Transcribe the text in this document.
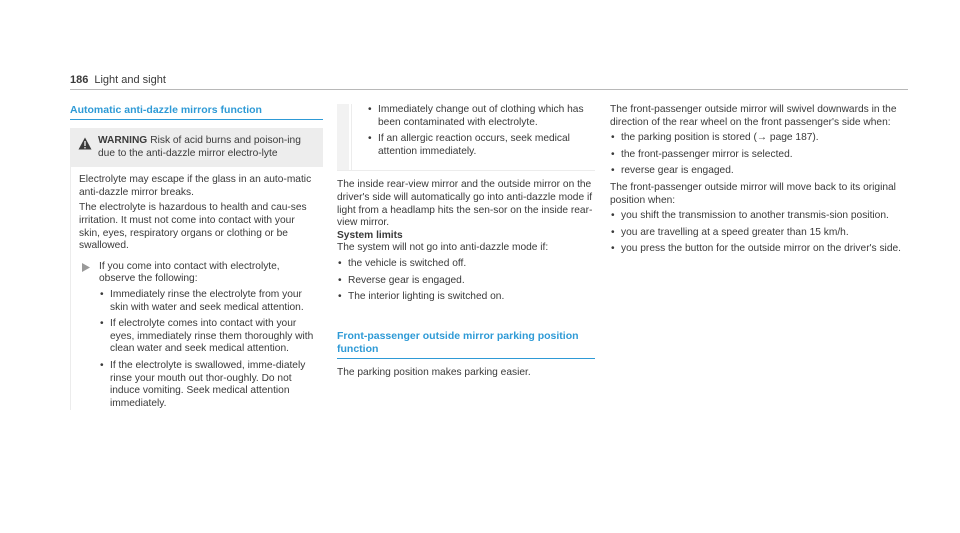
186 Light and sight
Automatic anti-dazzle mirrors function
WARNING Risk of acid burns and poison-ing due to the anti-dazzle mirror electro-lyte

Electrolyte may escape if the glass in an auto-matic anti-dazzle mirror breaks.

The electrolyte is hazardous to health and cau-ses irritation. It must not come into contact with your skin, eyes, respiratory organs or clothing or be swallowed.

If you come into contact with electrolyte, observe the following:
• Immediately rinse the electrolyte from your skin with water and seek medical attention.
• If electrolyte comes into contact with your eyes, immediately rinse them thoroughly with clean water and seek medical attention.
• If the electrolyte is swallowed, imme-diately rinse your mouth out thor-oughly. Do not induce vomiting. Seek medical attention immediately.
• Immediately change out of clothing which has been contaminated with electrolyte.
• If an allergic reaction occurs, seek medical attention immediately.

The inside rear-view mirror and the outside mirror on the driver's side will automatically go into anti-dazzle mode if light from a headlamp hits the sen-sor on the inside rear-view mirror.

System limits

The system will not go into anti-dazzle mode if:

• the vehicle is switched off.
• Reverse gear is engaged.
• The interior lighting is switched on.
Front-passenger outside mirror parking position function

The parking position makes parking easier.

The front-passenger outside mirror will swivel downwards in the direction of the rear wheel on the front passenger's side when:

• the parking position is stored (→ page 187).
• the front-passenger mirror is selected.
• reverse gear is engaged.

The front-passenger outside mirror will move back to its original position when:

• you shift the transmission to another transmis-sion position.
• you are travelling at a speed greater than 15 km/h.
• you press the button for the outside mirror on the driver's side.
